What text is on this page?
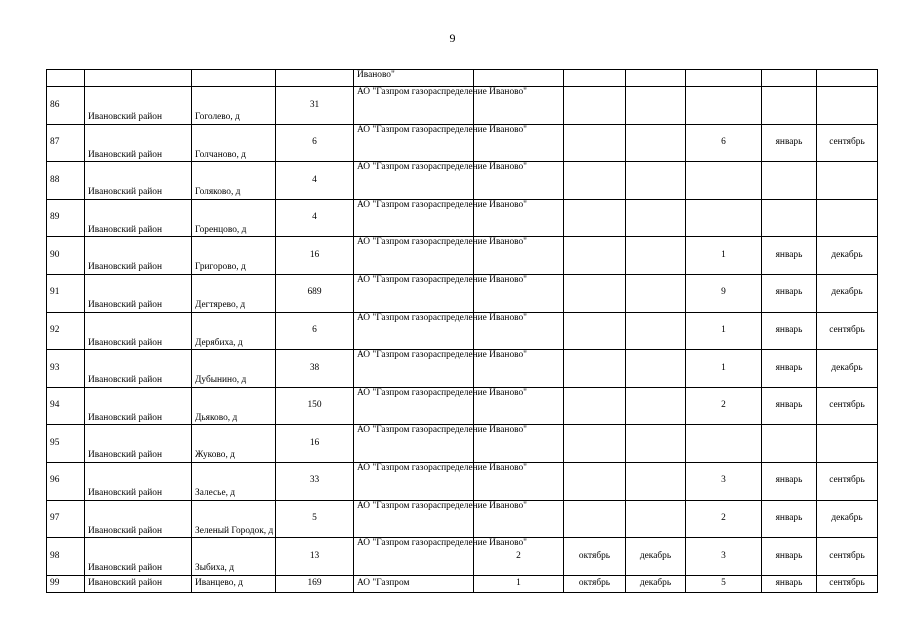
9
				Иваново"						
86	Ивановский район	Гоголево, д	31	АО "Газпром газораспределение Иваново"						
87	Ивановский район	Голчаново, д	6	АО "Газпром газораспределение Иваново"				6	январь	сентябрь
88	Ивановский район	Голяково, д	4	АО "Газпром газораспределение Иваново"						
89	Ивановский район	Горенцово, д	4	АО "Газпром газораспределение Иваново"						
90	Ивановский район	Григорово, д	16	АО "Газпром газораспределение Иваново"				1	январь	декабрь
91	Ивановский район	Дегтярево, д	689	АО "Газпром газораспределение Иваново"				9	январь	декабрь
92	Ивановский район	Дерябиха, д	6	АО "Газпром газораспределение Иваново"				1	январь	сентябрь
93	Ивановский район	Дубынино, д	38	АО "Газпром газораспределение Иваново"				1	январь	декабрь
94	Ивановский район	Дьяково, д	150	АО "Газпром газораспределение Иваново"				2	январь	сентябрь
95	Ивановский район	Жуково, д	16	АО "Газпром газораспределение Иваново"						
96	Ивановский район	Залесье, д	33	АО "Газпром газораспределение Иваново"				3	январь	сентябрь
97	Ивановский район	Зеленый Городок, д	5	АО "Газпром газораспределение Иваново"				2	январь	декабрь
98	Ивановский район	Зыбиха, д	13	АО "Газпром газораспределение Иваново"	2	октябрь	декабрь	3	январь	сентябрь
99	Ивановский район	Иванцево, д	169	АО "Газпром	1	октябрь	декабрь	5	январь	сентябрь
